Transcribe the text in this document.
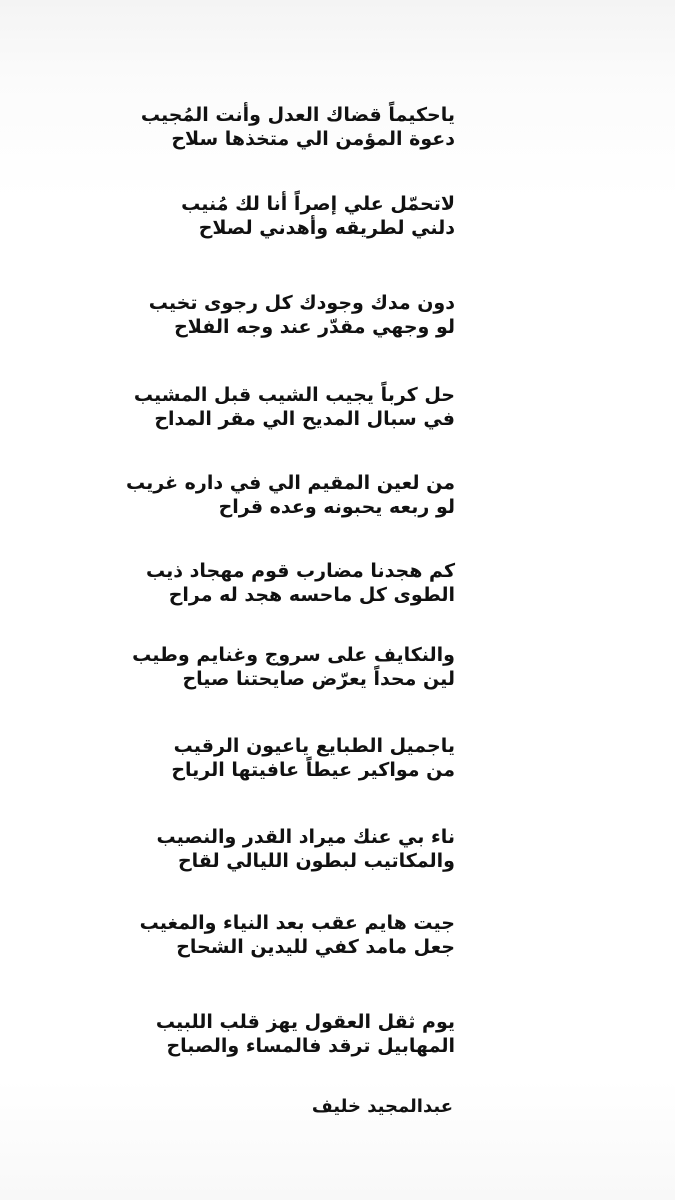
ياحكيماً قضاك العدل وأنت المُجيب
دعوة المؤمن الي متخذها سلاح
لاتحمّل علي إصراً أنا لك مُنيب
دلني لطريقه وأهدني لصلاح
دون مدك وجودك كل رجوى تخيب
لو وجهي مقدّر عند وجه الفلاح
حل كرباً يجيب الشيب قبل المشيب
في سبال المديح الي مقر المداح
من لعين المقيم الي في داره غريب
لو ربعه يحبونه وعده قراح
كم هجدنا مضارب قوم مهجاد ذيب
الطوى كل ماحسه هجد له مراح
والنكايف على سروج وغنايم وطيب
لين محداً يعرّض صايحتنا صياح
ياجميل الطبايع ياعيون الرقيب
من مواكير عيطاً عافيتها الرياح
ناء بي عنك ميراد القدر والنصيب
والمكاتيب لبطون الليالي لقاح
جيت هايم عقب بعد النياء والمغيب
جعل مامد كفي لليدين الشحاح
يوم ثقل العقول يهز قلب اللبيب
المهابيل ترقد فالمساء والصباح
عبدالمجيد خليف
